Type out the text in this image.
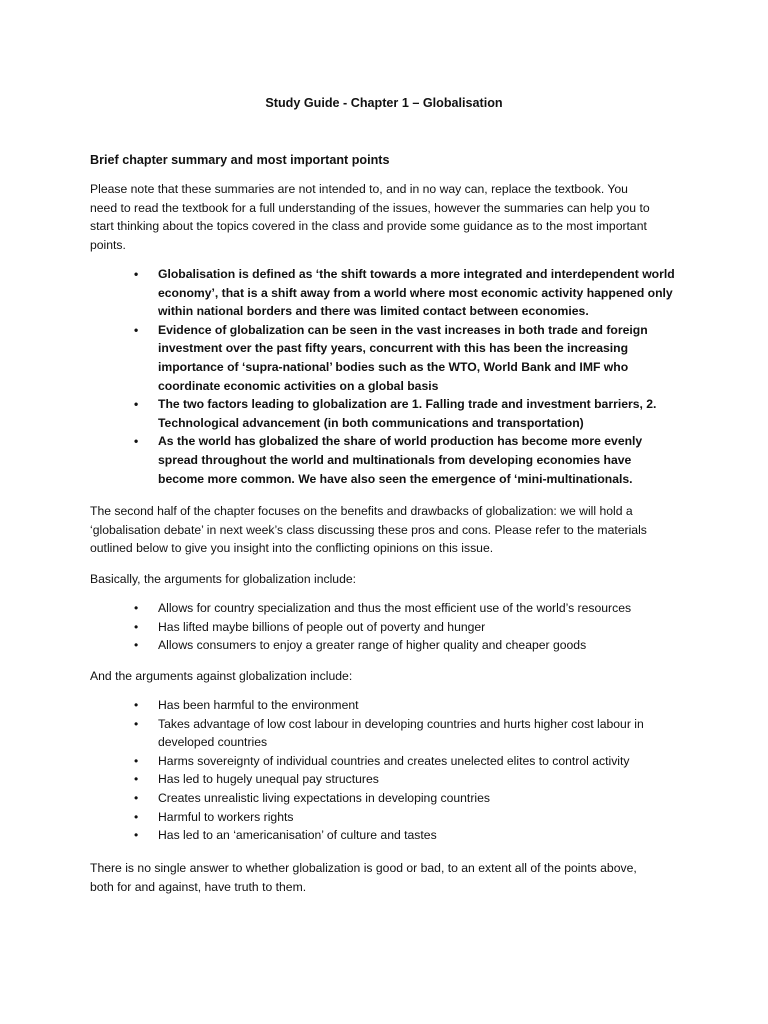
Study Guide - Chapter 1 – Globalisation
Brief chapter summary and most important points
Please note that these summaries are not intended to, and in no way can, replace the textbook. You
need to read the textbook for a full understanding of the issues, however the summaries can help you to
start thinking about the topics covered in the class and provide some guidance as to the most important
points.
• Globalisation is defined as ‘the shift towards a more integrated and interdependent world
economy’, that is a shift away from a world where most economic activity happened only
within national borders and there was limited contact between economies.
• Evidence of globalization can be seen in the vast increases in both trade and foreign
investment over the past fifty years, concurrent with this has been the increasing
importance of ‘supra-national’ bodies such as the WTO, World Bank and IMF who
coordinate economic activities on a global basis
• The two factors leading to globalization are 1. Falling trade and investment barriers, 2.
Technological advancement (in both communications and transportation)
• As the world has globalized the share of world production has become more evenly
spread throughout the world and multinationals from developing economies have
become more common. We have also seen the emergence of ‘mini-multinationals.
The second half of the chapter focuses on the benefits and drawbacks of globalization: we will hold a
‘globalisation debate’ in next week’s class discussing these pros and cons. Please refer to the materials
outlined below to give you insight into the conflicting opinions on this issue.
Basically, the arguments for globalization include:
• Allows for country specialization and thus the most efficient use of the world’s resources
• Has lifted maybe billions of people out of poverty and hunger
• Allows consumers to enjoy a greater range of higher quality and cheaper goods
And the arguments against globalization include:
• Has been harmful to the environment
• Takes advantage of low cost labour in developing countries and hurts higher cost labour in
developed countries
• Harms sovereignty of individual countries and creates unelected elites to control activity
• Has led to hugely unequal pay structures
• Creates unrealistic living expectations in developing countries
• Harmful to workers rights
• Has led to an ‘americanisation’ of culture and tastes
There is no single answer to whether globalization is good or bad, to an extent all of the points above,
both for and against, have truth to them.
